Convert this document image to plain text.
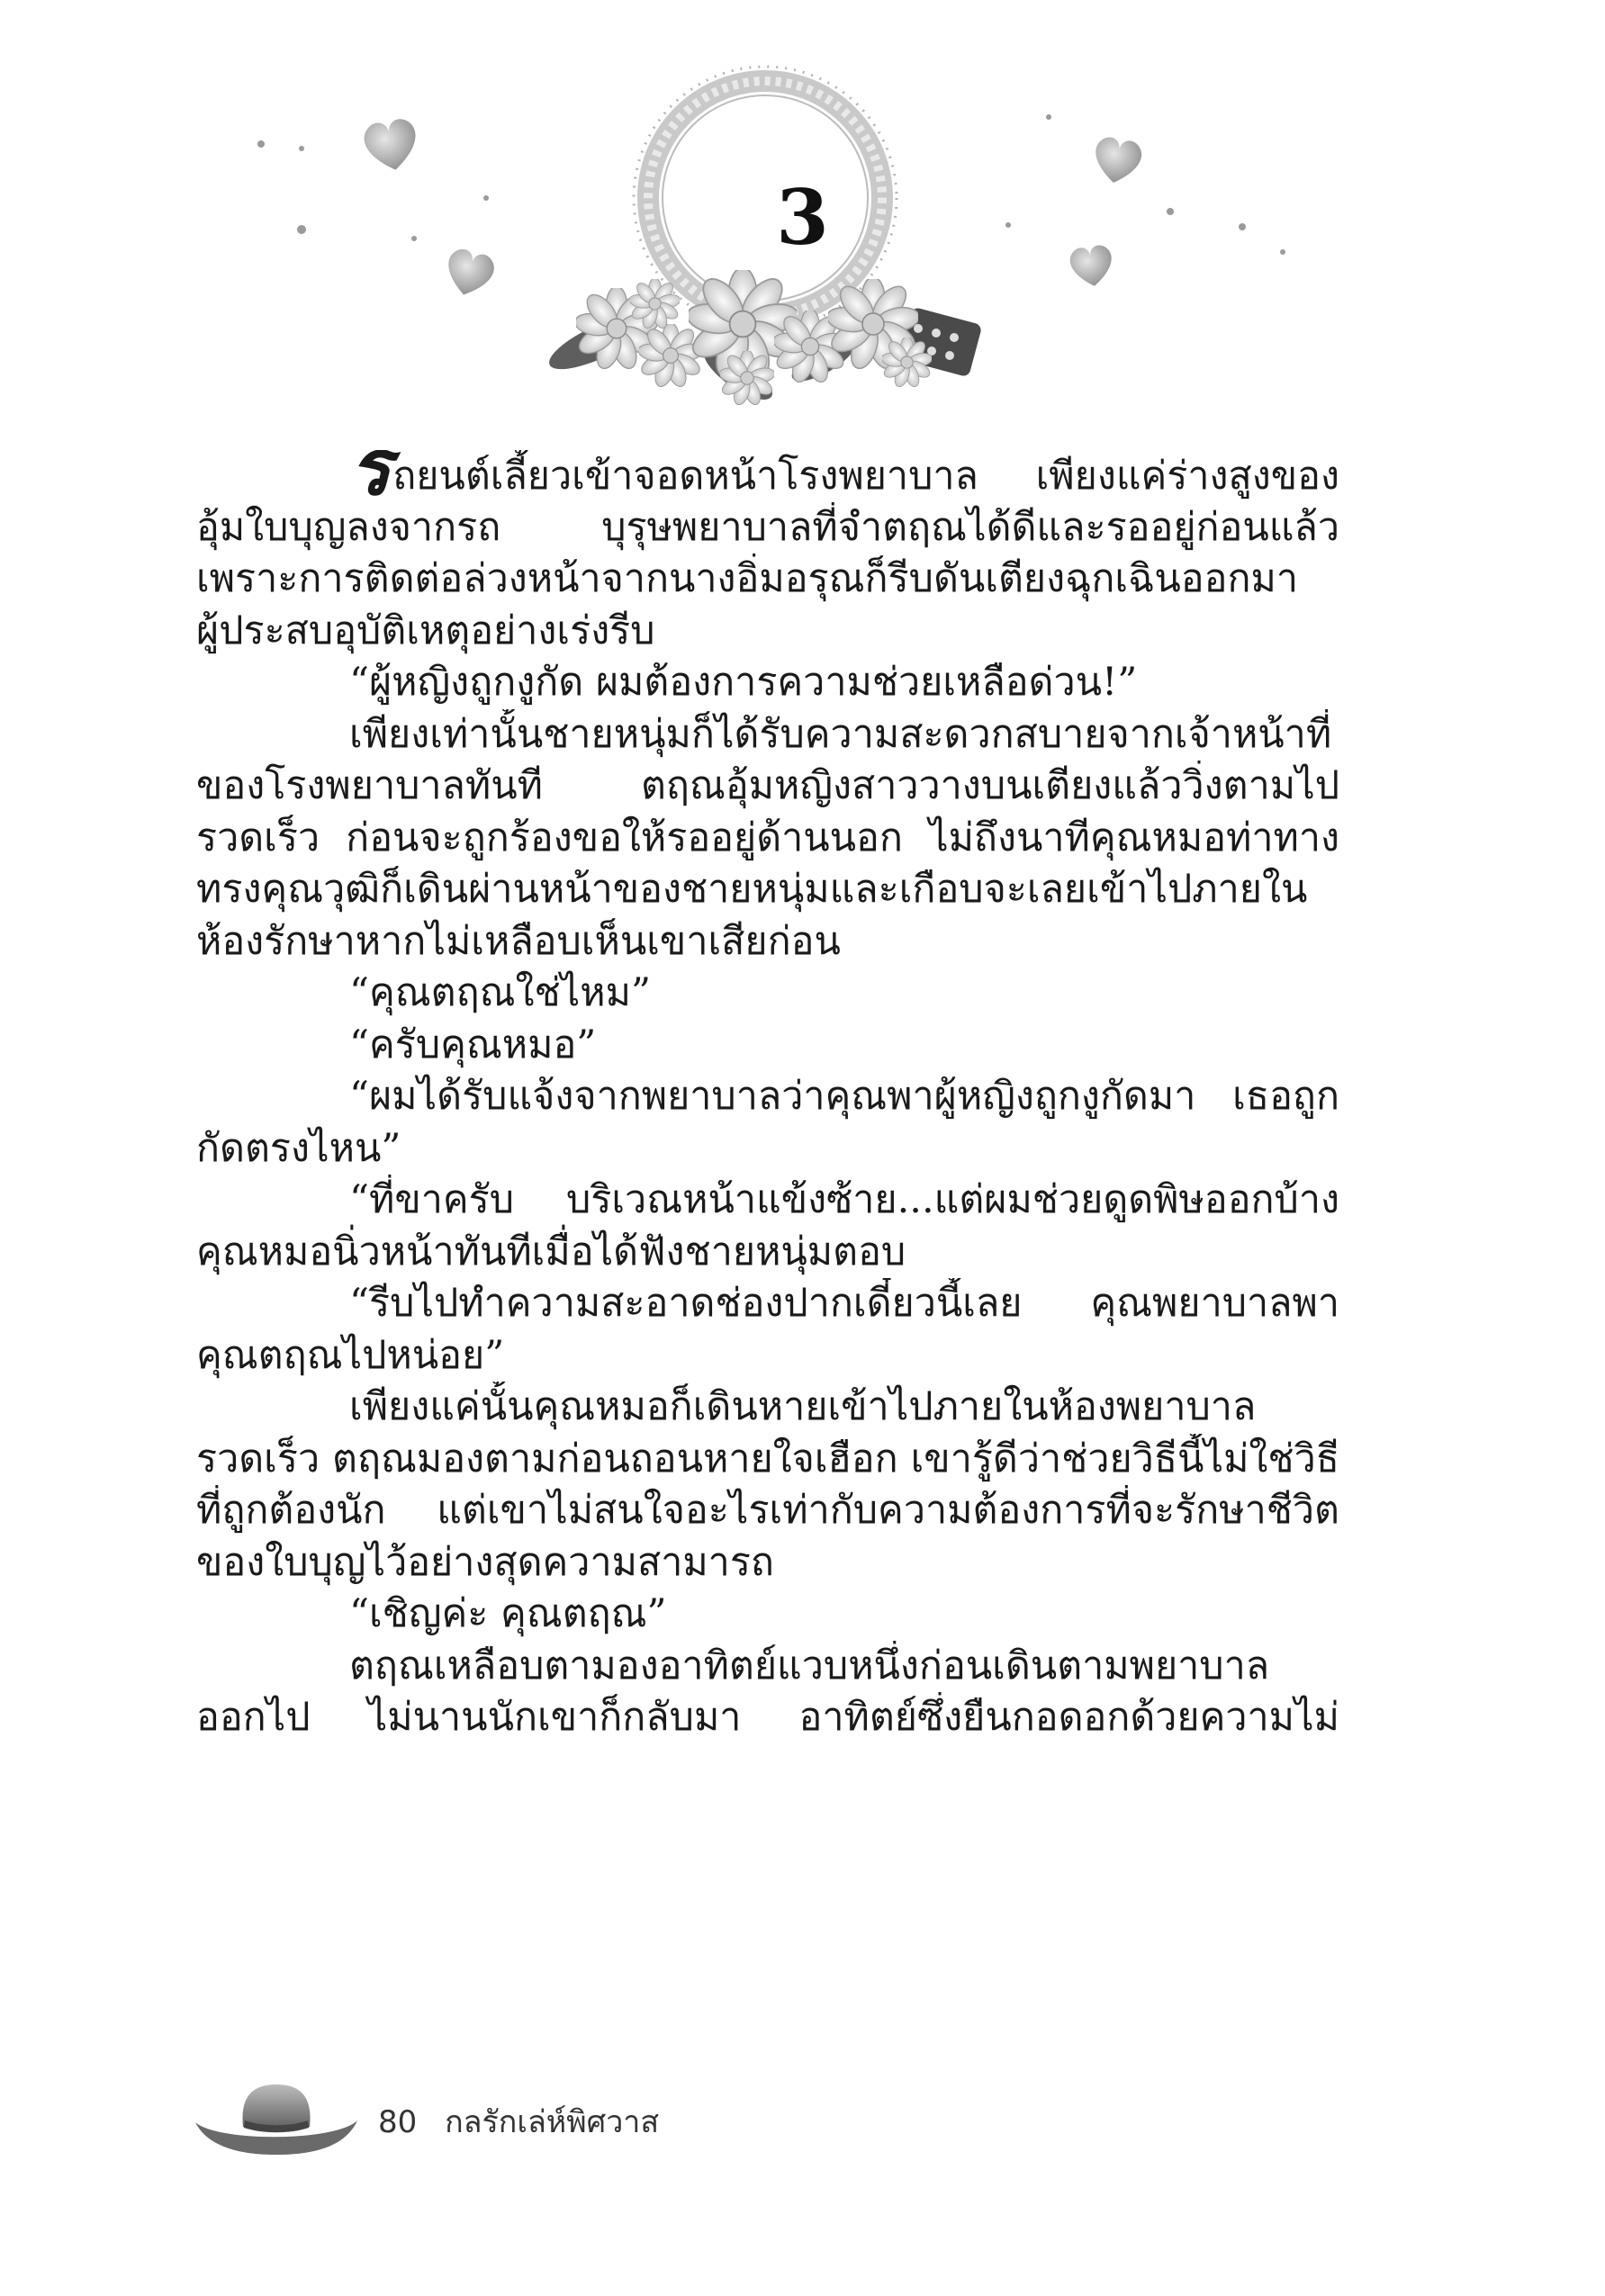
3
รถยนต์เลี้ยวเข้าจอดหน้าโรงพยาบาล เพียงแค่ร่างสูงของ
อุ้มใบบุญลงจากรถ บุรุษพยาบาลที่จำตฤณได้ดีและรออยู่ก่อนแล้ว
เพราะการติดต่อล่วงหน้าจากนางอิ่มอรุณก็รีบดันเตียงฉุกเฉินออกมา
ผู้ประสบอุบัติเหตุอย่างเร่งรีบ
“ผู้หญิงถูกงูกัด ผมต้องการความช่วยเหลือด่วน!”
เพียงเท่านั้นชายหนุ่มก็ได้รับความสะดวกสบายจากเจ้าหน้าที่
ของโรงพยาบาลทันที ตฤณอุ้มหญิงสาววางบนเตียงแล้ววิ่งตามไป
รวดเร็ว ก่อนจะถูกร้องขอให้รออยู่ด้านนอก ไม่ถึงนาทีคุณหมอท่าทาง
ทรงคุณวุฒิก็เดินผ่านหน้าของชายหนุ่มและเกือบจะเลยเข้าไปภายใน
ห้องรักษาหากไม่เหลือบเห็นเขาเสียก่อน
“คุณตฤณใช่ไหม”
“ครับคุณหมอ”
“ผมได้รับแจ้งจากพยาบาลว่าคุณพาผู้หญิงถูกงูกัดมา เธอถูก
กัดตรงไหน”
“ที่ขาครับ บริเวณหน้าแข้งซ้าย...แต่ผมช่วยดูดพิษออกบ้าง
คุณหมอนิ่วหน้าทันทีเมื่อได้ฟังชายหนุ่มตอบ
“รีบไปทำความสะอาดช่องปากเดี๋ยวนี้เลย คุณพยาบาลพา
คุณตฤณไปหน่อย”
เพียงแค่นั้นคุณหมอก็เดินหายเข้าไปภายในห้องพยาบาล
รวดเร็ว ตฤณมองตามก่อนถอนหายใจเฮือก เขารู้ดีว่าช่วยวิธีนี้ไม่ใช่วิธี
ที่ถูกต้องนัก แต่เขาไม่สนใจอะไรเท่ากับความต้องการที่จะรักษาชีวิต
ของใบบุญไว้อย่างสุดความสามารถ
“เชิญค่ะ คุณตฤณ”
ตฤณเหลือบตามองอาทิตย์แวบหนึ่งก่อนเดินตามพยาบาล
ออกไป ไม่นานนักเขาก็กลับมา อาทิตย์ซึ่งยืนกอดอกด้วยความไม่
80 กลรักเล่ห์พิศวาส
